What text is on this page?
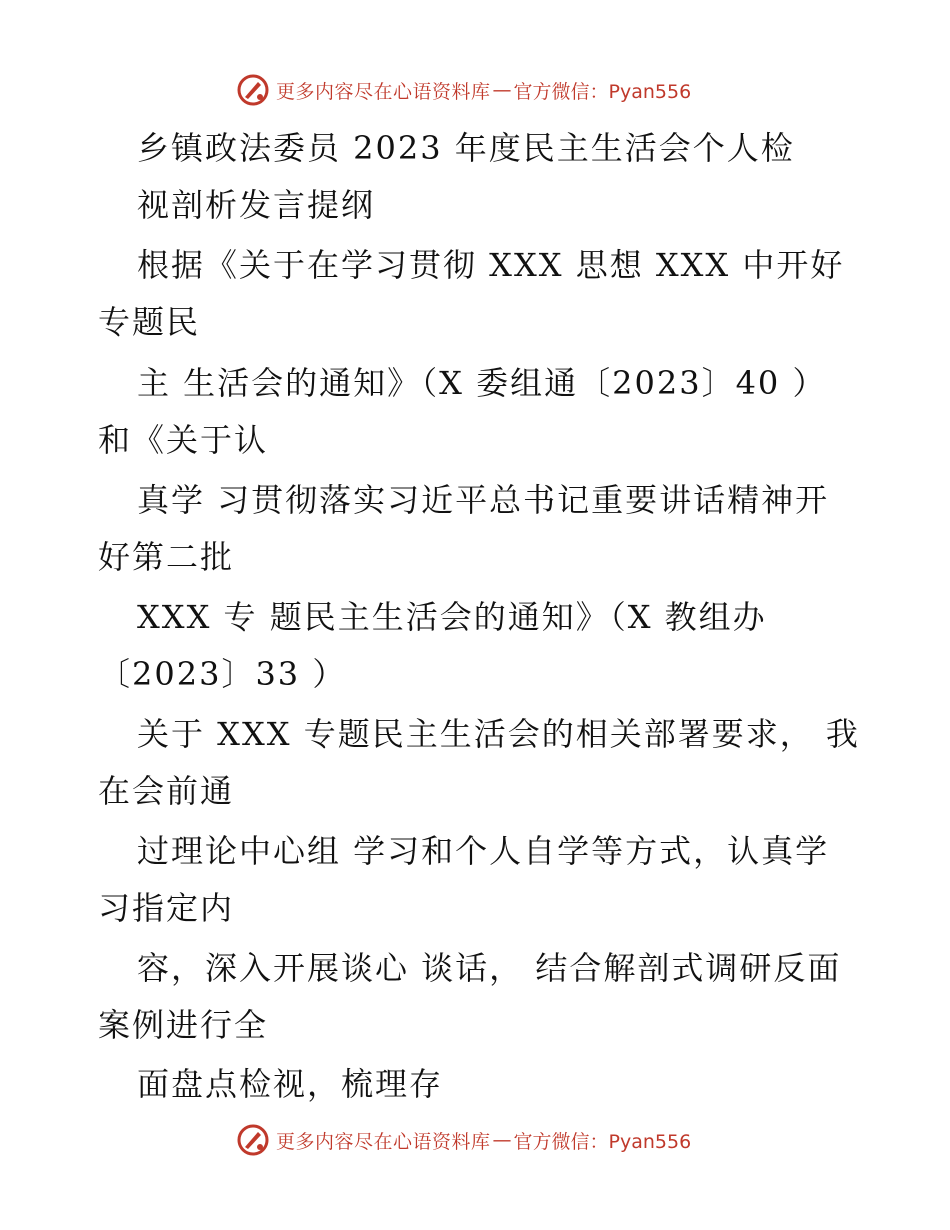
更多内容尽在心语资料库 — 官方微信：Pyan556
乡镇政法委员 2023 年度民主生活会个人检
视剖析发言提纲
根据《关于在学习贯彻 XXX 思想 XXX 中开好
专题民
主 生活会的通知》（X 委组通〔2023〕40 ）
和《关于认
真学 习贯彻落实习近平总书记重要讲话精神开
好第二批
XXX 专 题民主生活会的通知》（X 教组办
〔2023〕33 ）
关于 XXX 专题民主生活会的相关部署要求， 我
在会前通
过理论中心组 学习和个人自学等方式，认真学
习指定内
容，深入开展谈心 谈话， 结合解剖式调研反面
案例进行全
面盘点检视，梳理存
更多内容尽在心语资料库 — 官方微信：Pyan556
